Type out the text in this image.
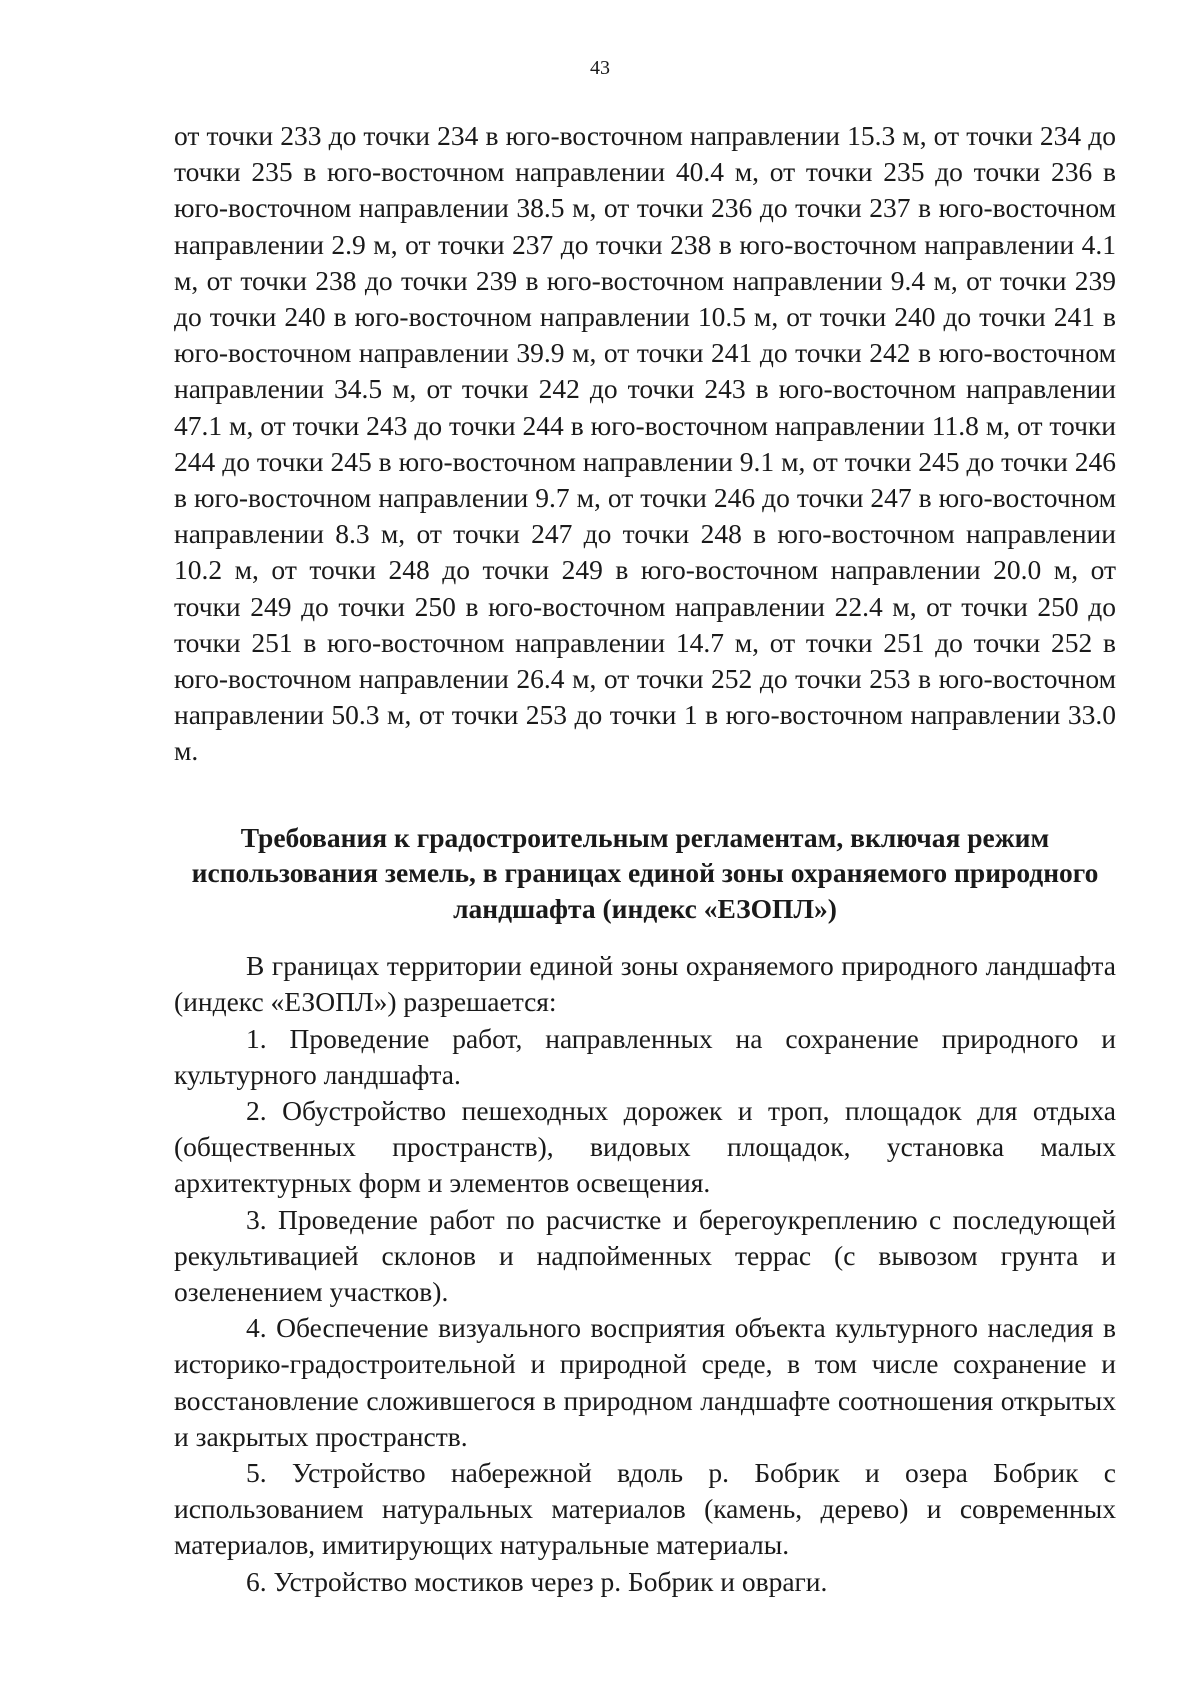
43

от точки 233 до точки 234 в юго-восточном направлении 15.3 м, от точки 234 до точки 235 в юго-восточном направлении 40.4 м, от точки 235 до точки 236 в юго-восточном направлении 38.5 м, от точки 236 до точки 237 в юго-восточном направлении 2.9 м, от точки 237 до точки 238 в юго-восточном направлении 4.1 м, от точки 238 до точки 239 в юго-восточном направлении 9.4 м, от точки 239 до точки 240 в юго-восточном направлении 10.5 м, от точки 240 до точки 241 в юго-восточном направлении 39.9 м, от точки 241 до точки 242 в юго-восточном направлении 34.5 м, от точки 242 до точки 243 в юго-восточном направлении 47.1 м, от точки 243 до точки 244 в юго-восточном направлении 11.8 м, от точки 244 до точки 245 в юго-восточном направлении 9.1 м, от точки 245 до точки 246 в юго-восточном направлении 9.7 м, от точки 246 до точки 247 в юго-восточном направлении 8.3 м, от точки 247 до точки 248 в юго-восточном направлении 10.2 м, от точки 248 до точки 249 в юго-восточном направлении 20.0 м, от точки 249 до точки 250 в юго-восточном направлении 22.4 м, от точки 250 до точки 251 в юго-восточном направлении 14.7 м, от точки 251 до точки 252 в юго-восточном направлении 26.4 м, от точки 252 до точки 253 в юго-восточном направлении 50.3 м, от точки 253 до точки 1 в юго-восточном направлении 33.0 м.

Требования к градостроительным регламентам, включая режим
использования земель, в границах единой зоны охраняемого природного
ландшафта (индекс «ЕЗОПЛ»)

В границах территории единой зоны охраняемого природного ландшафта (индекс «ЕЗОПЛ») разрешается:

1. Проведение работ, направленных на сохранение природного и культурного ландшафта.

2. Обустройство пешеходных дорожек и троп, площадок для отдыха (общественных пространств), видовых площадок, установка малых архитектурных форм и элементов освещения.

3. Проведение работ по расчистке и берегоукреплению с последующей рекультивацией склонов и надпойменных террас (с вывозом грунта и озеленением участков).

4. Обеспечение визуального восприятия объекта культурного наследия в историко-градостроительной и природной среде, в том числе сохранение и восстановление сложившегося в природном ландшафте соотношения открытых и закрытых пространств.

5. Устройство набережной вдоль р. Бобрик и озера Бобрик с использованием натуральных материалов (камень, дерево) и современных материалов, имитирующих натуральные материалы.

6. Устройство мостиков через р. Бобрик и овраги.
